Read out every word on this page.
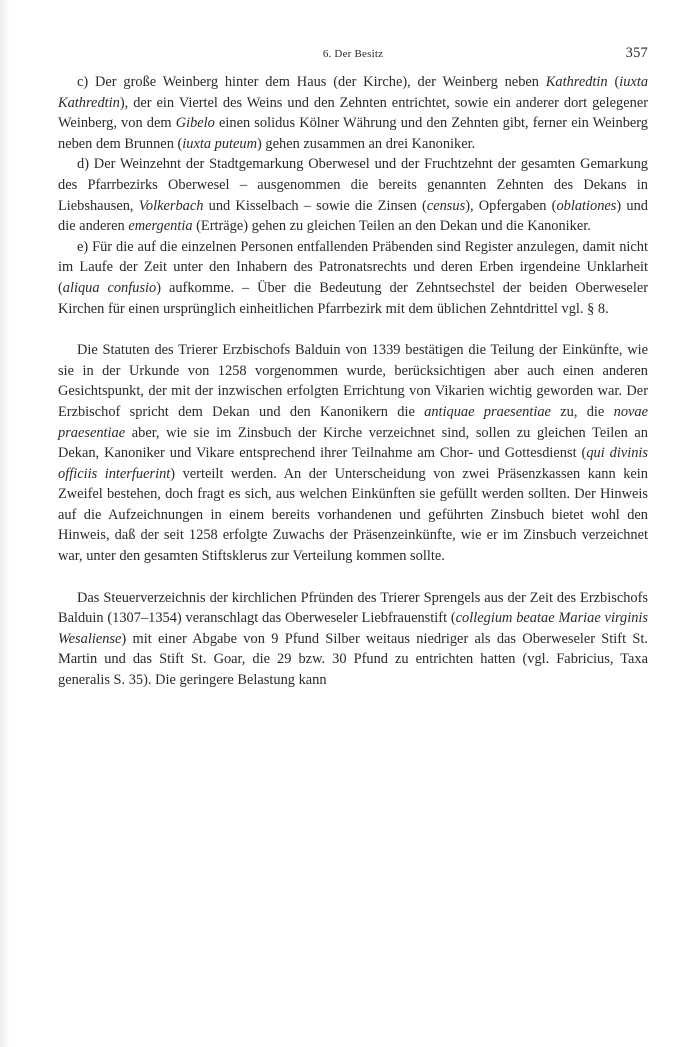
6. Der Besitz	357

c) Der große Weinberg hinter dem Haus (der Kirche), der Weinberg neben Kathredtin (iuxta Kathredtin), der ein Viertel des Weins und den Zehnten entrichtet, sowie ein anderer dort gelegener Weinberg, von dem Gibelo einen solidus Kölner Währung und den Zehnten gibt, ferner ein Weinberg neben dem Brunnen (iuxta puteum) gehen zusammen an drei Kanoniker.

d) Der Weinzehnt der Stadtgemarkung Oberwesel und der Fruchtzehnt der gesamten Gemarkung des Pfarrbezirks Oberwesel – ausgenommen die bereits genannten Zehnten des Dekans in Liebshausen, Volkerbach und Kisselbach – sowie die Zinsen (census), Opfergaben (oblationes) und die anderen emergentia (Erträge) gehen zu gleichen Teilen an den Dekan und die Kanoniker.

e) Für die auf die einzelnen Personen entfallenden Präbenden sind Register anzulegen, damit nicht im Laufe der Zeit unter den Inhabern des Patronatsrechts und deren Erben irgendeine Unklarheit (aliqua confusio) aufkomme. – Über die Bedeutung der Zehntsechstel der beiden Oberweseler Kirchen für einen ursprünglich einheitlichen Pfarrbezirk mit dem üblichen Zehntdrittel vgl. § 8.

Die Statuten des Trierer Erzbischofs Balduin von 1339 bestätigen die Teilung der Einkünfte, wie sie in der Urkunde von 1258 vorgenommen wurde, berücksichtigen aber auch einen anderen Gesichtspunkt, der mit der inzwischen erfolgten Errichtung von Vikarien wichtig geworden war. Der Erzbischof spricht dem Dekan und den Kanonikern die antiquae praesentiae zu, die novae praesentiae aber, wie sie im Zinsbuch der Kirche verzeichnet sind, sollen zu gleichen Teilen an Dekan, Kanoniker und Vikare entsprechend ihrer Teilnahme am Chor- und Gottesdienst (qui divinis officiis interfuerint) verteilt werden. An der Unterscheidung von zwei Präsenzkassen kann kein Zweifel bestehen, doch fragt es sich, aus welchen Einkünften sie gefüllt werden sollten. Der Hinweis auf die Aufzeichnungen in einem bereits vorhandenen und geführten Zinsbuch bietet wohl den Hinweis, daß der seit 1258 erfolgte Zuwachs der Präsenzeinkünfte, wie er im Zinsbuch verzeichnet war, unter den gesamten Stiftsklerus zur Verteilung kommen sollte.

Das Steuerverzeichnis der kirchlichen Pfründen des Trierer Sprengels aus der Zeit des Erzbischofs Balduin (1307–1354) veranschlagt das Oberweseler Liebfrauenstift (collegium beatae Mariae virginis Wesaliense) mit einer Abgabe von 9 Pfund Silber weitaus niedriger als das Oberweseler Stift St. Martin und das Stift St. Goar, die 29 bzw. 30 Pfund zu entrichten hatten (vgl. Fabricius, Taxa generalis S. 35). Die geringere Belastung kann
